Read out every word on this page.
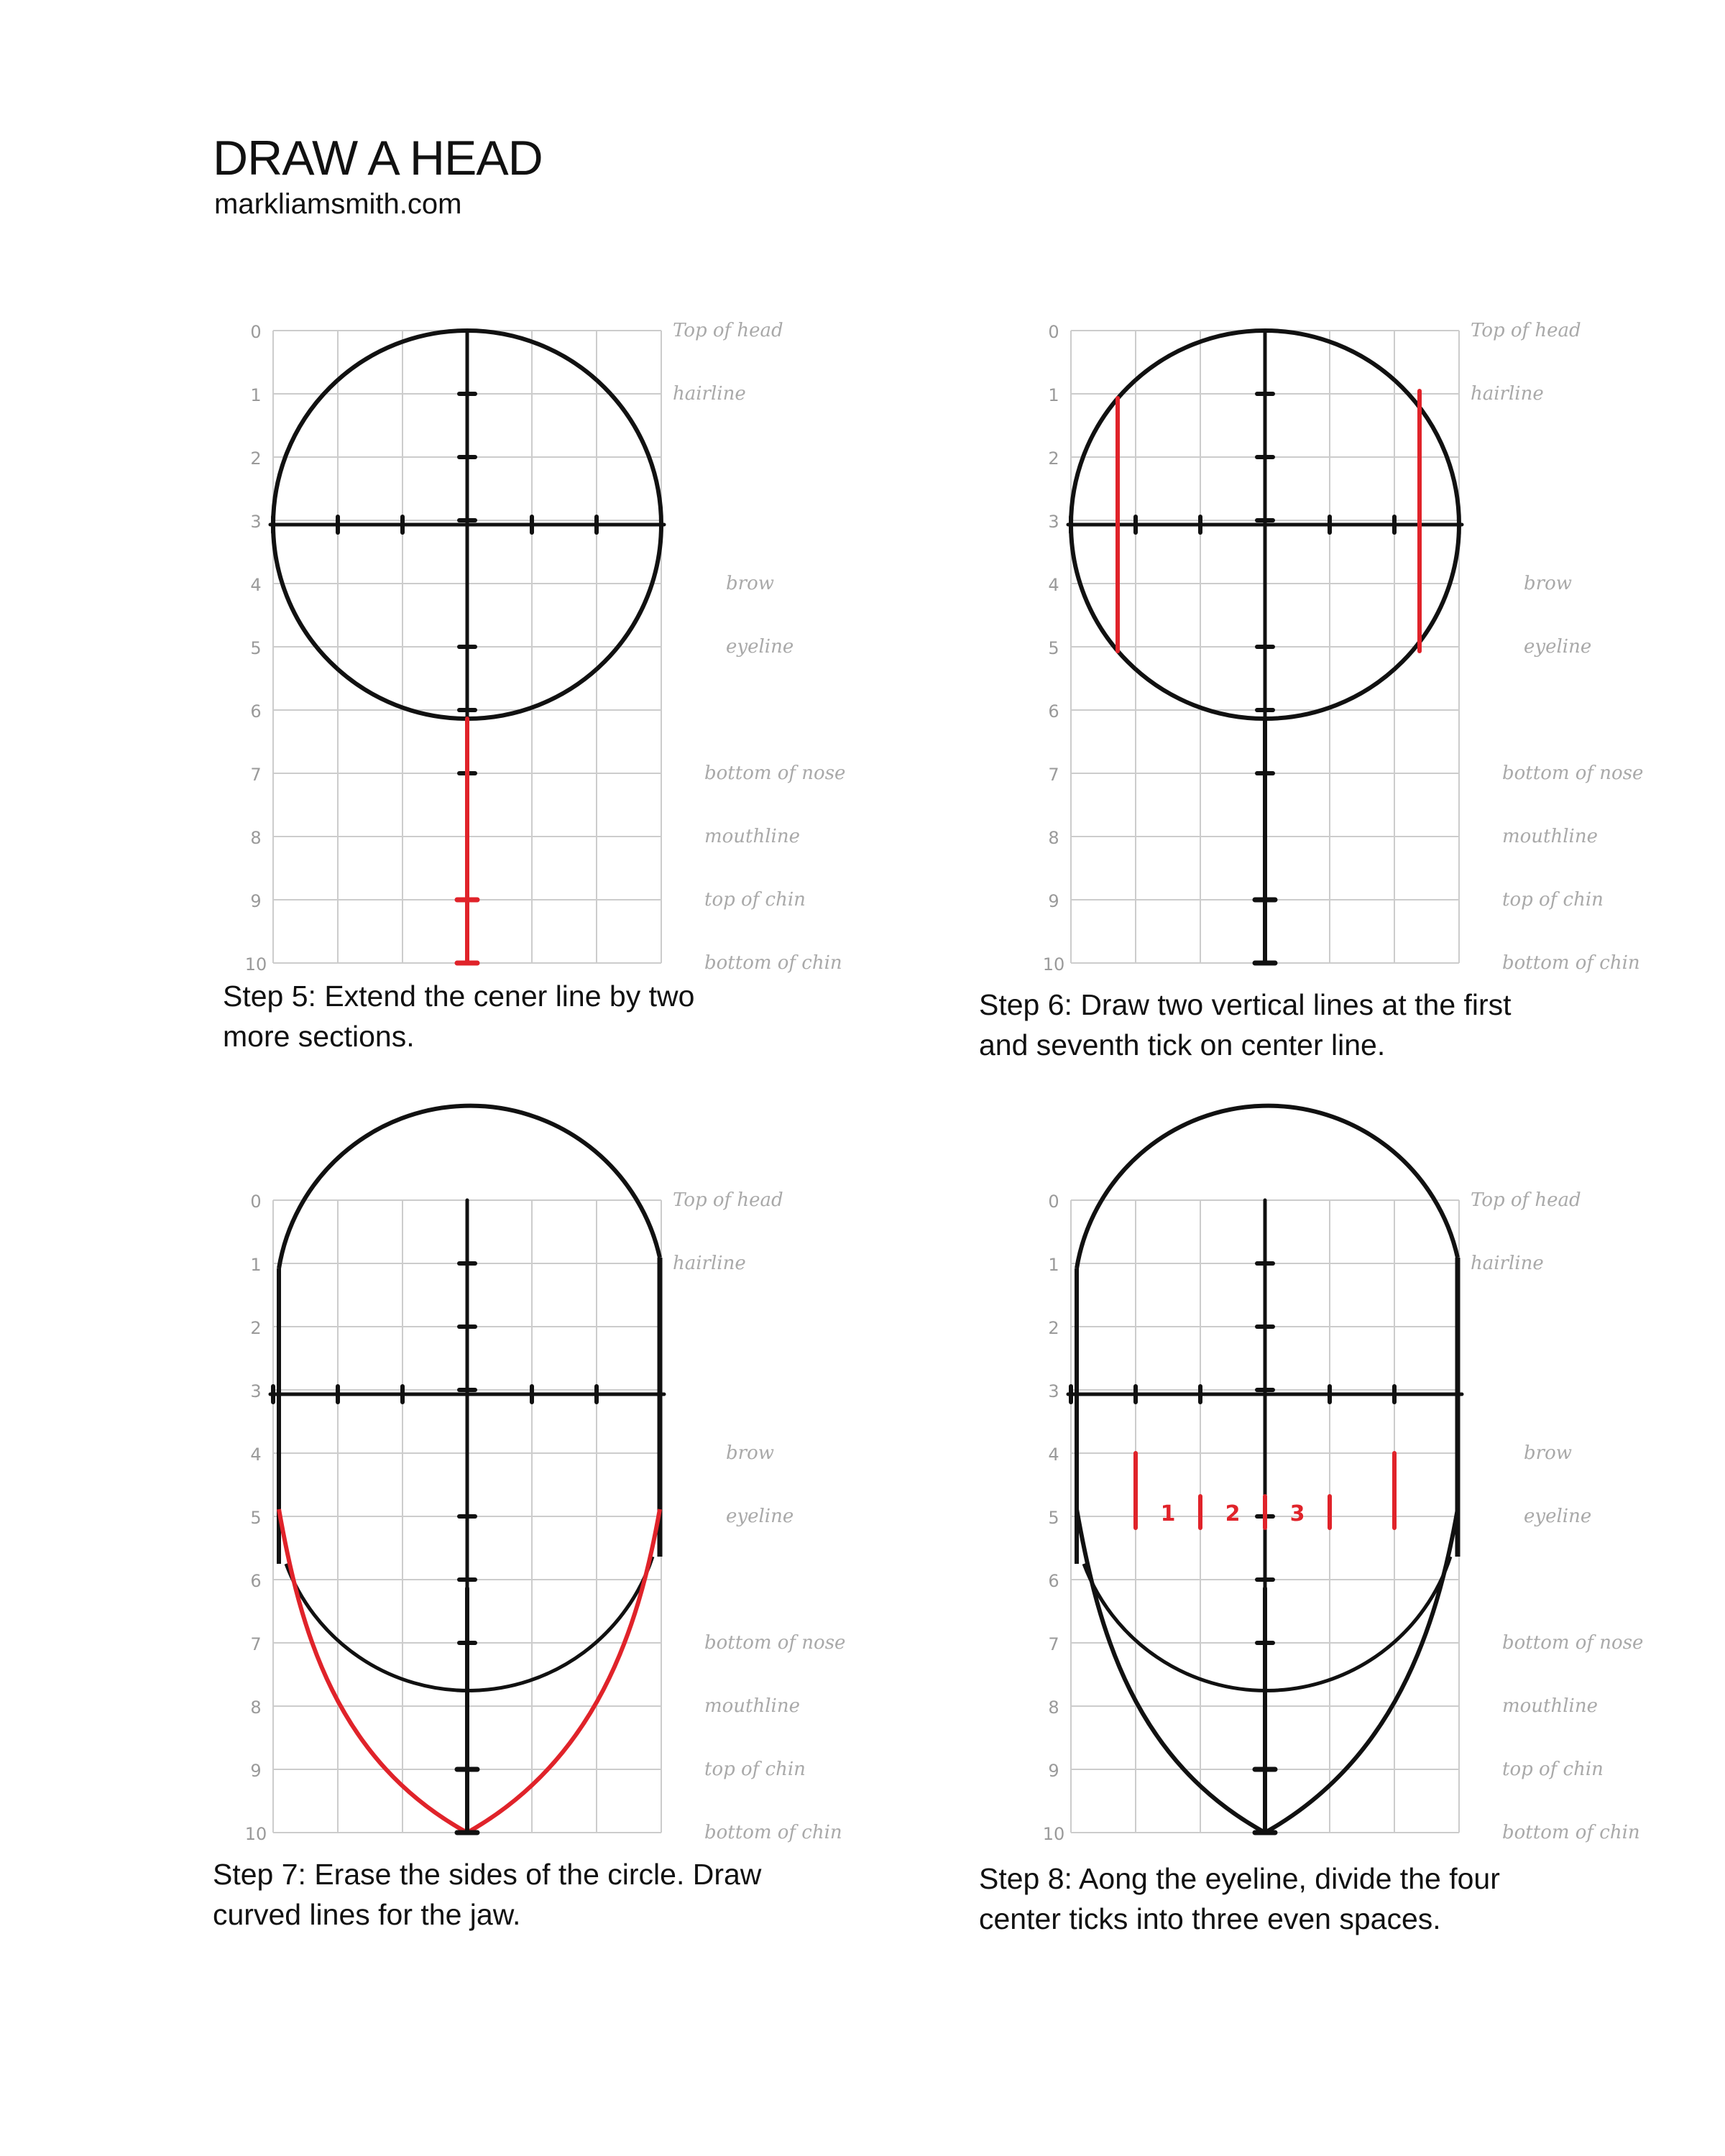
DRAW A HEAD
markliamsmith.com
0
1
2
3
4
5
6
7
8
9
10
Top of head
hairline
brow
eyeline
bottom of nose
mouthline
top of chin
bottom of chin
Step 5: Extend the cener line by two
more sections.
0
1
2
3
4
5
6
7
8
9
10
Top of head
hairline
brow
eyeline
bottom of nose
mouthline
top of chin
bottom of chin
Step 6: Draw two vertical lines at the first
and seventh tick on center line.
0
1
2
3
4
5
6
7
8
9
10
Top of head
hairline
brow
eyeline
bottom of nose
mouthline
top of chin
bottom of chin
Step 7: Erase the sides of the circle. Draw
curved lines for the jaw.
0
1
2
3
4
5
6
7
8
9
10
Top of head
hairline
brow
eyeline
bottom of nose
mouthline
top of chin
bottom of chin
1 2 3
Step 8: Aong the eyeline, divide the four
center ticks into three even spaces.
